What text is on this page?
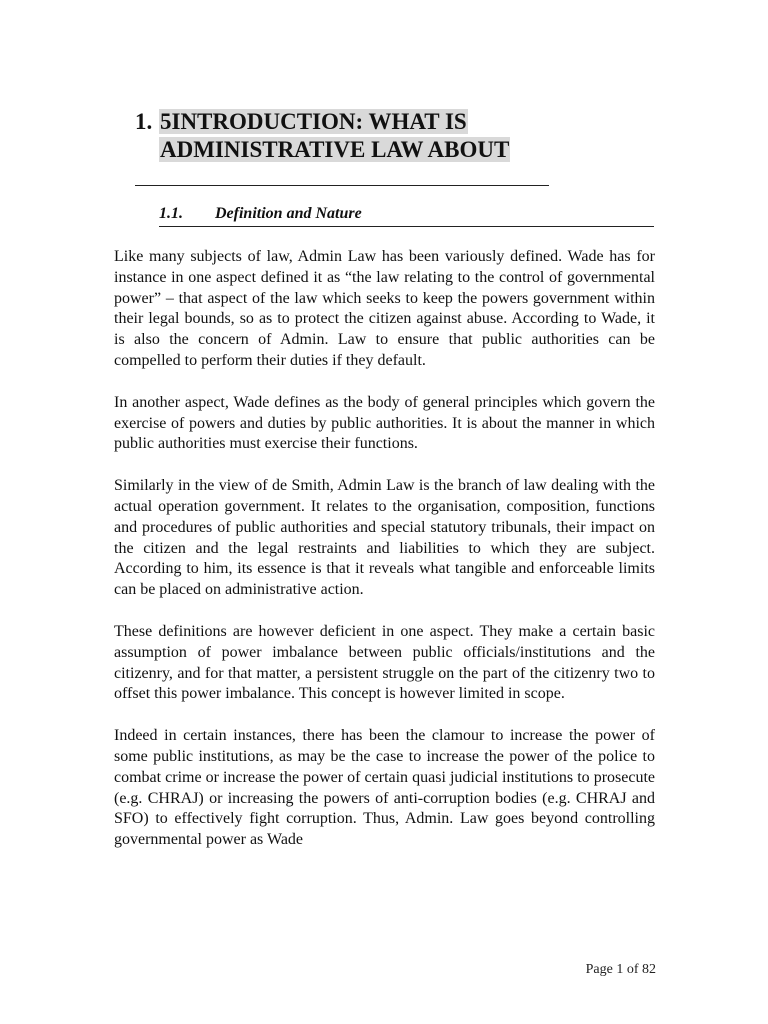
1. 5INTRODUCTION: WHAT IS
ADMINISTRATIVE LAW ABOUT
1.1. Definition and Nature

Like many subjects of law, Admin Law has been variously defined. Wade has for instance in one aspect defined it as “the law relating to the control of governmental power” – that aspect of the law which seeks to keep the powers government within their legal bounds, so as to protect the citizen against abuse. According to Wade, it is also the concern of Admin. Law to ensure that public authorities can be compelled to perform their duties if they default.

In another aspect, Wade defines as the body of general principles which govern the exercise of powers and duties by public authorities. It is about the manner in which public authorities must exercise their functions.

Similarly in the view of de Smith, Admin Law is the branch of law dealing with the actual operation government. It relates to the organisation, composition, functions and procedures of public authorities and special statutory tribunals, their impact on the citizen and the legal restraints and liabilities to which they are subject. According to him, its essence is that it reveals what tangible and enforceable limits can be placed on administrative action.

These definitions are however deficient in one aspect. They make a certain basic assumption of power imbalance between public officials/institutions and the citizenry, and for that matter, a persistent struggle on the part of the citizenry two to offset this power imbalance. This concept is however limited in scope.

Indeed in certain instances, there has been the clamour to increase the power of some public institutions, as may be the case to increase the power of the police to combat crime or increase the power of certain quasi judicial institutions to prosecute (e.g. CHRAJ) or increasing the powers of anti-corruption bodies (e.g. CHRAJ and SFO) to effectively fight corruption. Thus, Admin. Law goes beyond controlling governmental power as Wade

Page 1 of 82
